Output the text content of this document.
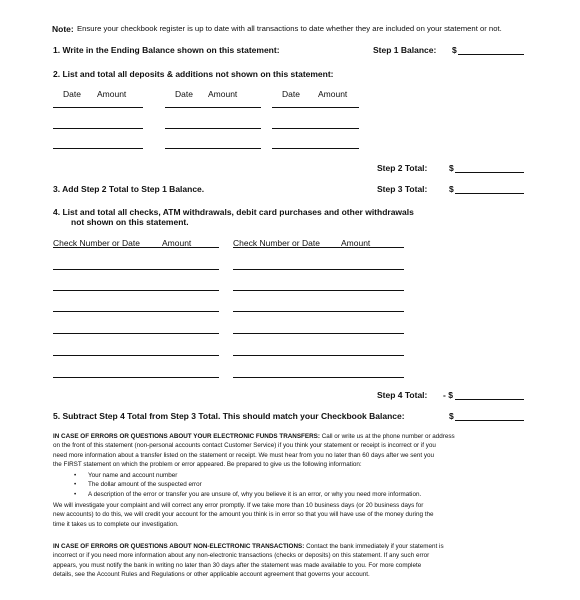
Note: Ensure your checkbook register is up to date with all transactions to date whether they are included on your statement or not.
1. Write in the Ending Balance shown on this statement:	Step 1 Balance: $
2. List and total all deposits & additions not shown on this statement:
Date Amount	Date Amount	Date Amount
Step 2 Total:	$
3. Add Step 2 Total to Step 1 Balance.	Step 3 Total:	$
4. List and total all checks, ATM withdrawals, debit card purchases and other withdrawals
not shown on this statement.
Check Number or Date	Amount	Check Number or Date Amount
Step 4 Total: - $
5. Subtract Step 4 Total from Step 3 Total. This should match your Checkbook Balance:	$
IN CASE OF ERRORS OR QUESTIONS ABOUT YOUR ELECTRONIC FUNDS TRANSFERS: Call or write us at the phone number or address
on the front of this statement (non-personal accounts contact Customer Service) if you think your statement or receipt is incorrect or if you
need more information about a transfer listed on the statement or receipt. We must hear from you no later than 60 days after we sent you
the FIRST statement on which the problem or error appeared. Be prepared to give us the following information:
• Your name and account number
• The dollar amount of the suspected error
• A description of the error or transfer you are unsure of, why you believe it is an error, or why you need more information.
We will investigate your complaint and will correct any error promptly. If we take more than 10 business days (or 20 business days for
new accounts) to do this, we will credit your account for the amount you think is in error so that you will have use of the money during the
time it takes us to complete our investigation.
IN CASE OF ERRORS OR QUESTIONS ABOUT NON-ELECTRONIC TRANSACTIONS: Contact the bank immediately if your statement is
incorrect or if you need more information about any non-electronic transactions (checks or deposits) on this statement. If any such error
appears, you must notify the bank in writing no later than 30 days after the statement was made available to you. For more complete
details, see the Account Rules and Regulations or other applicable account agreement that governs your account.
